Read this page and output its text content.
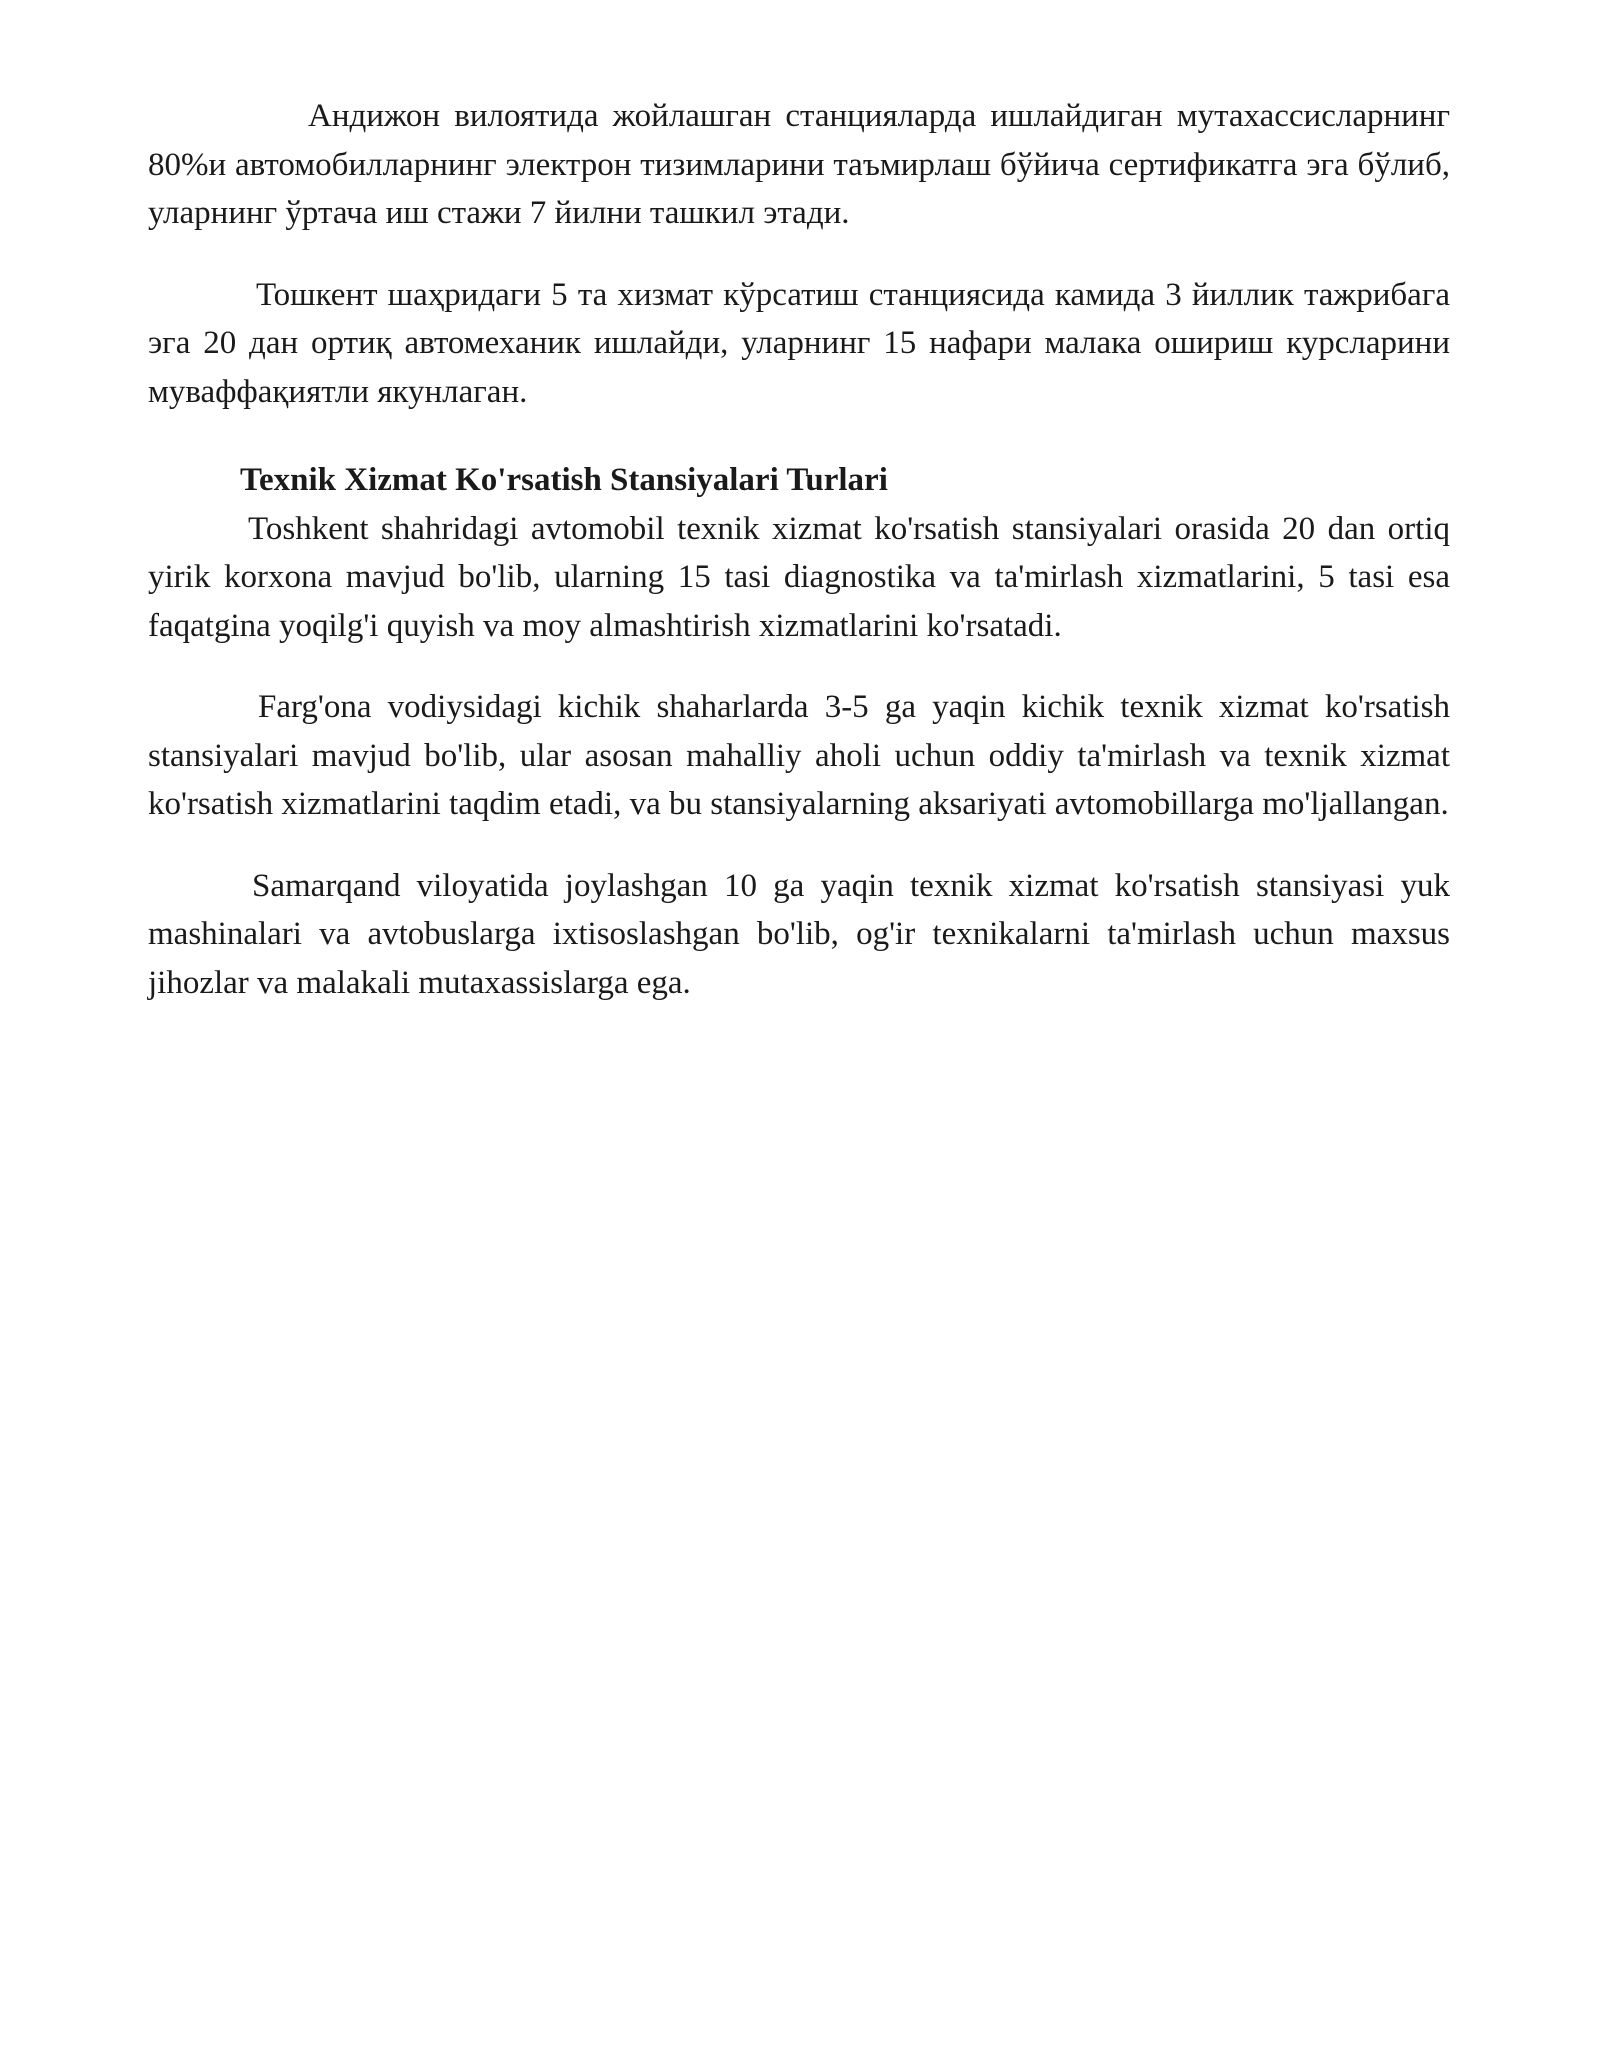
Андижон вилоятида жойлашган станцияларда ишлайдиган мутахассисларнинг 80%и автомобилларнинг электрон тизимларини таъмирлаш бўйича сертификатга эга бўлиб, уларнинг ўртача иш стажи 7 йилни ташкил этади.

Тошкент шаҳридаги 5 та хизмат кўрсатиш станциясида камида 3 йиллик тажрибага эга 20 дан ортиқ автомеханик ишлайди, уларнинг 15 нафари малака ошириш курсларини муваффақиятли якунлаган.

Texnik Xizmat Ko'rsatish Stansiyalari Turlari

Toshkent shahridagi avtomobil texnik xizmat ko'rsatish stansiyalari orasida 20 dan ortiq yirik korxona mavjud bo'lib, ularning 15 tasi diagnostika va ta'mirlash xizmatlarini, 5 tasi esa faqatgina yoqilg'i quyish va moy almashtirish xizmatlarini ko'rsatadi.

Farg'ona vodiysidagi kichik shaharlarda 3-5 ga yaqin kichik texnik xizmat ko'rsatish stansiyalari mavjud bo'lib, ular asosan mahalliy aholi uchun oddiy ta'mirlash va texnik xizmat ko'rsatish xizmatlarini taqdim etadi, va bu stansiyalarning aksariyati avtomobillarga mo'ljallangan.

Samarqand viloyatida joylashgan 10 ga yaqin texnik xizmat ko'rsatish stansiyasi yuk mashinalari va avtobuslarga ixtisoslashgan bo'lib, og'ir texnikalarni ta'mirlash uchun maxsus jihozlar va malakali mutaxassislarga ega.
